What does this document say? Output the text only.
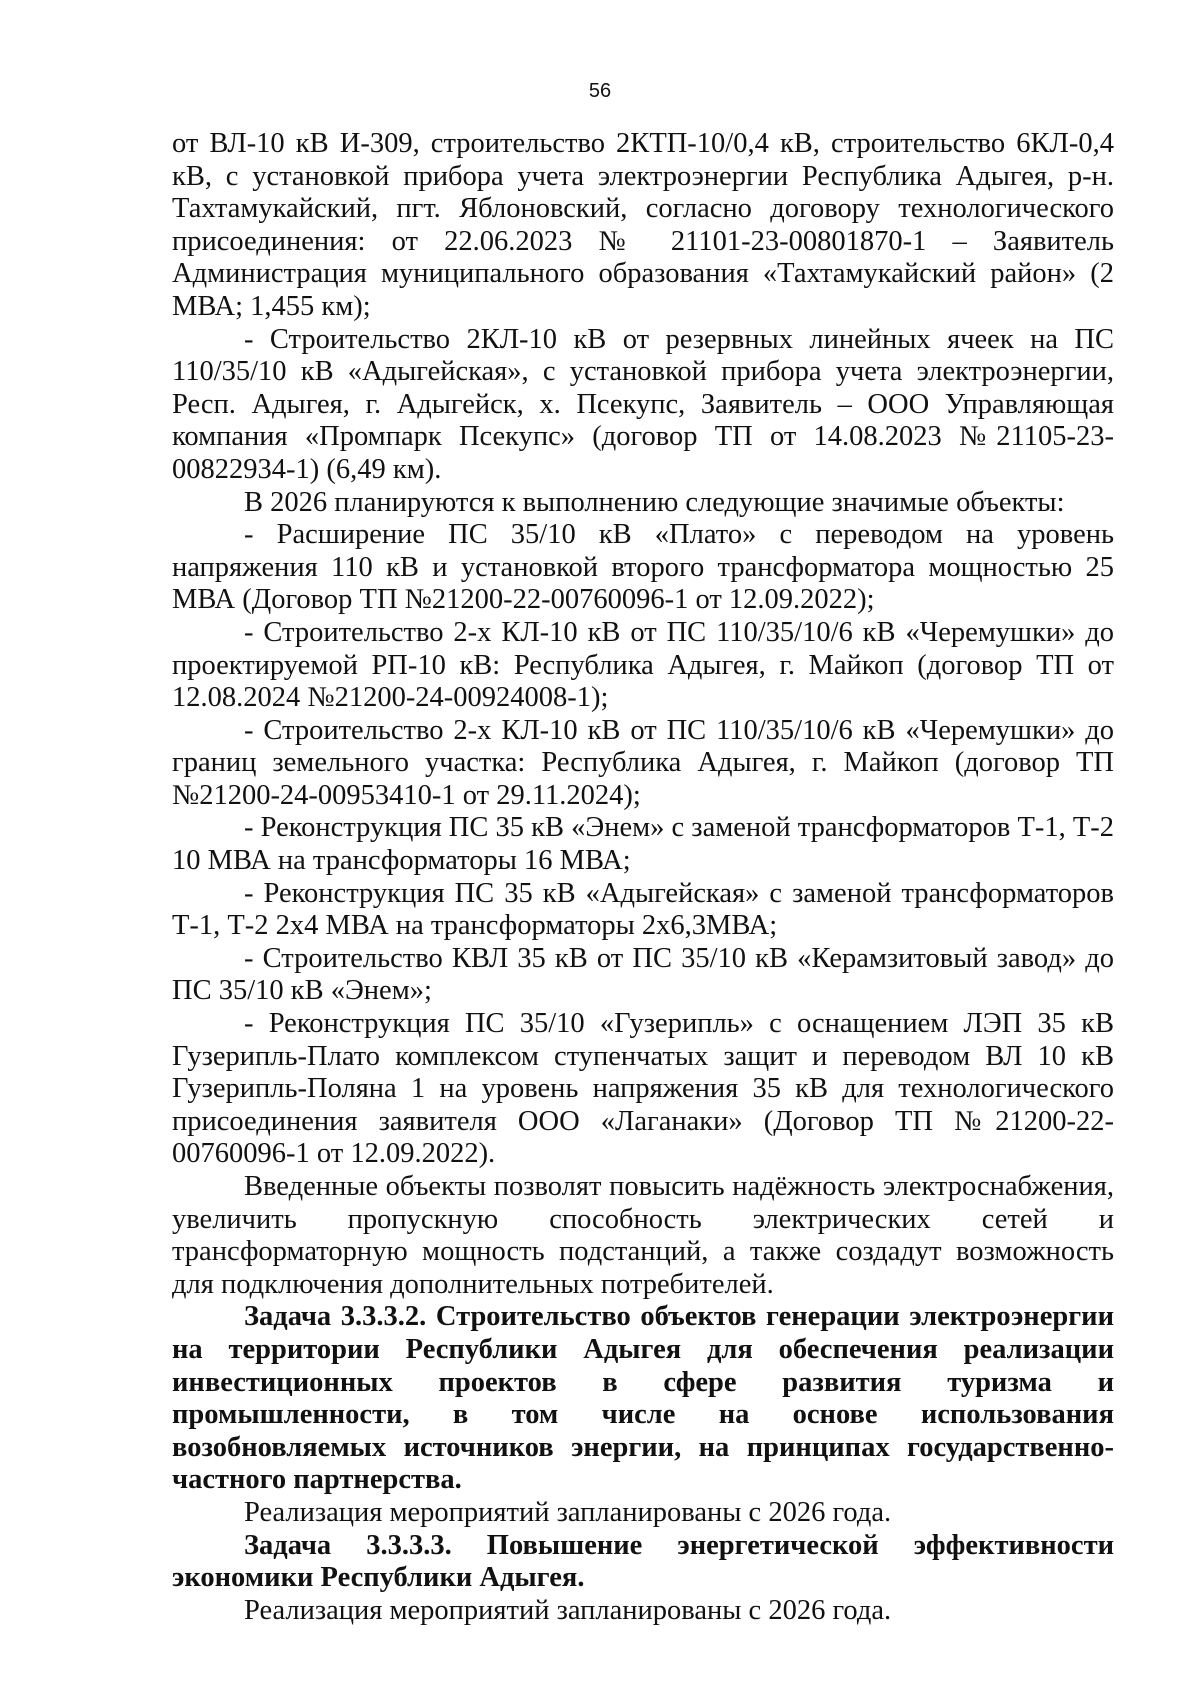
56

от ВЛ-10 кВ И-309, строительство 2КТП-10/0,4 кВ, строительство 6КЛ-0,4 кВ, с установкой прибора учета электроэнергии Республика Адыгея, р-н. Тахтамукайский, пгт. Яблоновский, согласно договору технологического присоединения: от 22.06.2023 № 21101-23-00801870-1 – Заявитель Администрация муниципального образования «Тахтамукайский район» (2 МВА; 1,455 км);

- Строительство 2КЛ-10 кВ от резервных линейных ячеек на ПС 110/35/10 кВ «Адыгейская», с установкой прибора учета электроэнергии, Респ. Адыгея, г. Адыгейск, х. Псекупс, Заявитель – ООО Управляющая компания «Промпарк Псекупс» (договор ТП от 14.08.2023 №21105-23-00822934-1) (6,49 км).

В 2026 планируются к выполнению следующие значимые объекты:

- Расширение ПС 35/10 кВ «Плато» с переводом на уровень напряжения 110 кВ и установкой второго трансформатора мощностью 25 МВА (Договор ТП №21200-22-00760096-1 от 12.09.2022);

- Строительство 2-х КЛ-10 кВ от ПС 110/35/10/6 кВ «Черемушки» до проектируемой РП-10 кВ: Республика Адыгея, г. Майкоп (договор ТП от 12.08.2024 №21200-24-00924008-1);

- Строительство 2-х КЛ-10 кВ от ПС 110/35/10/6 кВ «Черемушки» до границ земельного участка: Республика Адыгея, г. Майкоп (договор ТП №21200-24-00953410-1 от 29.11.2024);

- Реконструкция ПС 35 кВ «Энем» с заменой трансформаторов Т-1, Т-2 10 МВА на трансформаторы 16 МВА;

- Реконструкция ПС 35 кВ «Адыгейская» с заменой трансформаторов Т-1, Т-2 2х4 МВА на трансформаторы 2х6,3МВА;

- Строительство КВЛ 35 кВ от ПС 35/10 кВ «Керамзитовый завод» до ПС 35/10 кВ «Энем»;

- Реконструкция ПС 35/10 «Гузерипль» с оснащением ЛЭП 35 кВ Гузерипль-Плато комплексом ступенчатых защит и переводом ВЛ 10 кВ Гузерипль-Поляна 1 на уровень напряжения 35 кВ для технологического присоединения заявителя ООО «Лаганаки» (Договор ТП №21200-22-00760096-1 от 12.09.2022).

Введенные объекты позволят повысить надёжность электроснабжения, увеличить пропускную способность электрических сетей и трансформаторную мощность подстанций, а также создадут возможность для подключения дополнительных потребителей.

Задача 3.3.3.2. Строительство объектов генерации электроэнергии на территории Республики Адыгея для обеспечения реализации инвестиционных проектов в сфере развития туризма и промышленности, в том числе на основе использования возобновляемых источников энергии, на принципах государственно-частного партнерства.

Реализация мероприятий запланированы с 2026 года.

Задача 3.3.3.3. Повышение энергетической эффективности экономики Республики Адыгея.

Реализация мероприятий запланированы с 2026 года.
